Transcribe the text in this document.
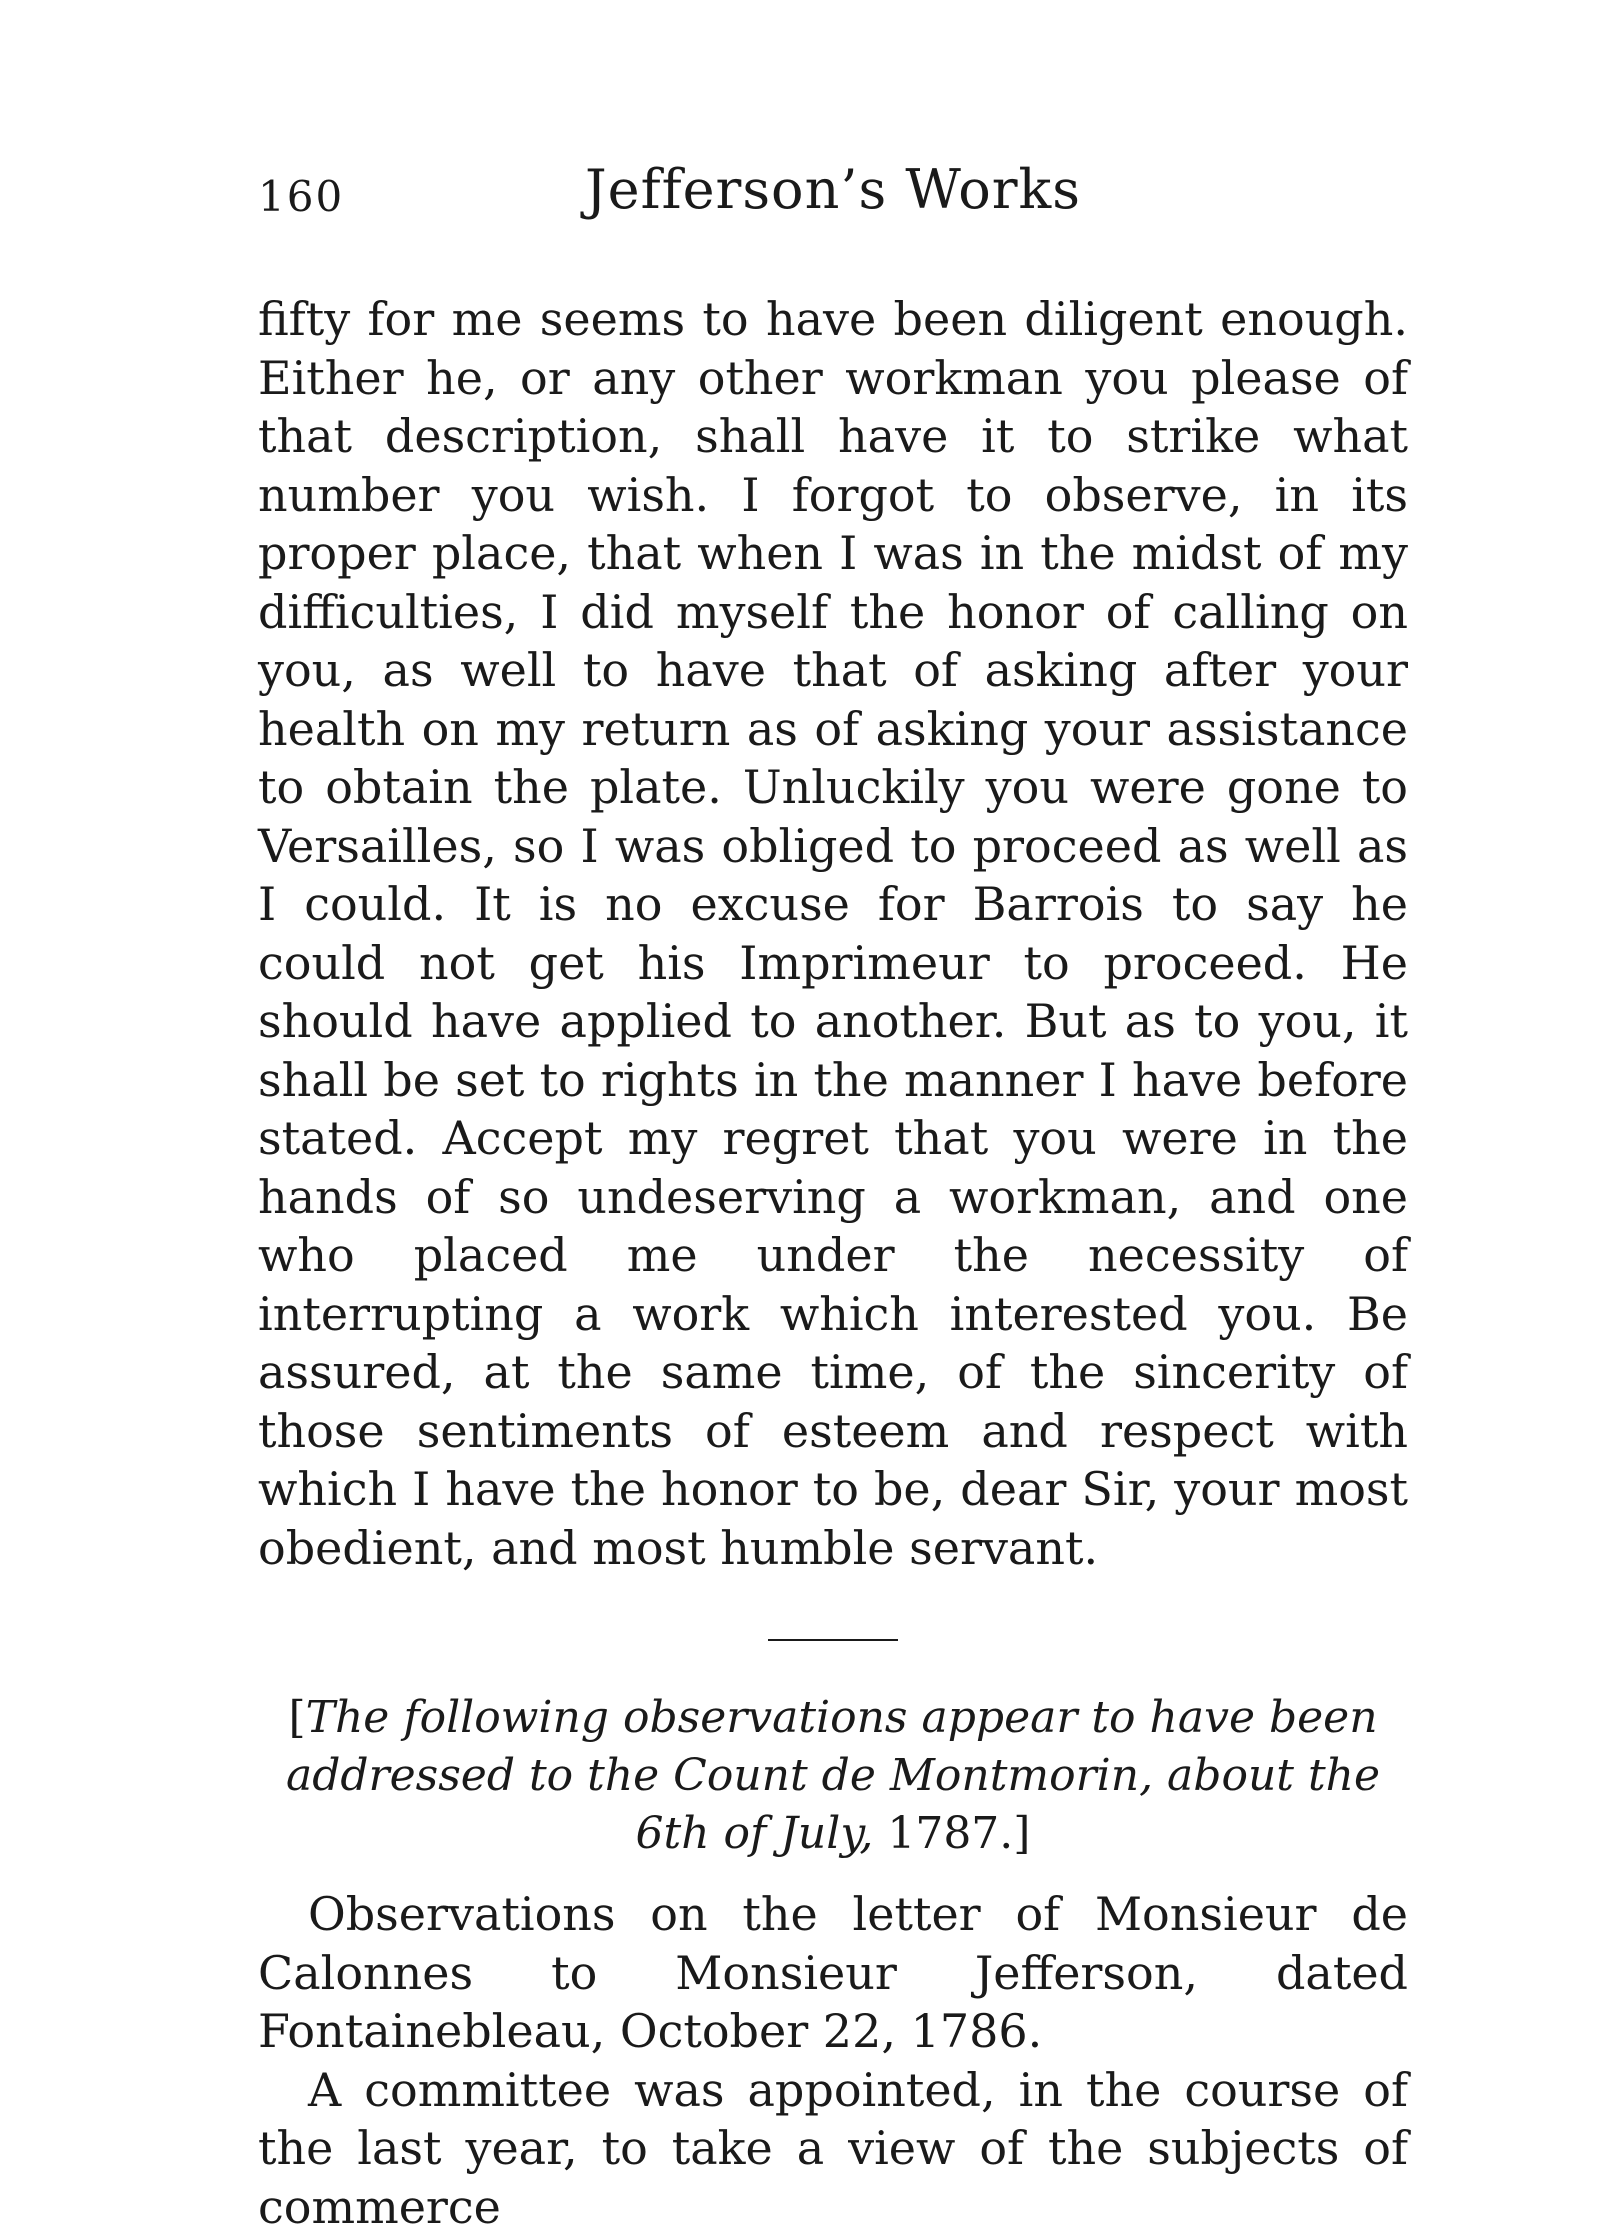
160	Jefferson’s Works

fifty for me seems to have been diligent enough. Either he, or any other workman you please of that description, shall have it to strike what number you wish. I forgot to observe, in its proper place, that when I was in the midst of my difficulties, I did myself the honor of calling on you, as well to have that of asking after your health on my return as of asking your assistance to obtain the plate. Unluckily you were gone to Versailles, so I was obliged to proceed as well as I could. It is no excuse for Barrois to say he could not get his Imprimeur to proceed. He should have applied to another. But as to you, it shall be set to rights in the manner I have before stated. Accept my regret that you were in the hands of so undeserving a workman, and one who placed me under the necessity of interrupting a work which interested you. Be assured, at the same time, of the sincerity of those sentiments of esteem and respect with which I have the honor to be, dear Sir, your most obedient, and most humble servant.

[The following observations appear to have been addressed to the Count de Montmorin, about the 6th of July, 1787.]

Observations on the letter of Monsieur de Calonnes to Monsieur Jefferson, dated Fontainebleau, October 22, 1786.

A committee was appointed, in the course of the last year, to take a view of the subjects of commerce
